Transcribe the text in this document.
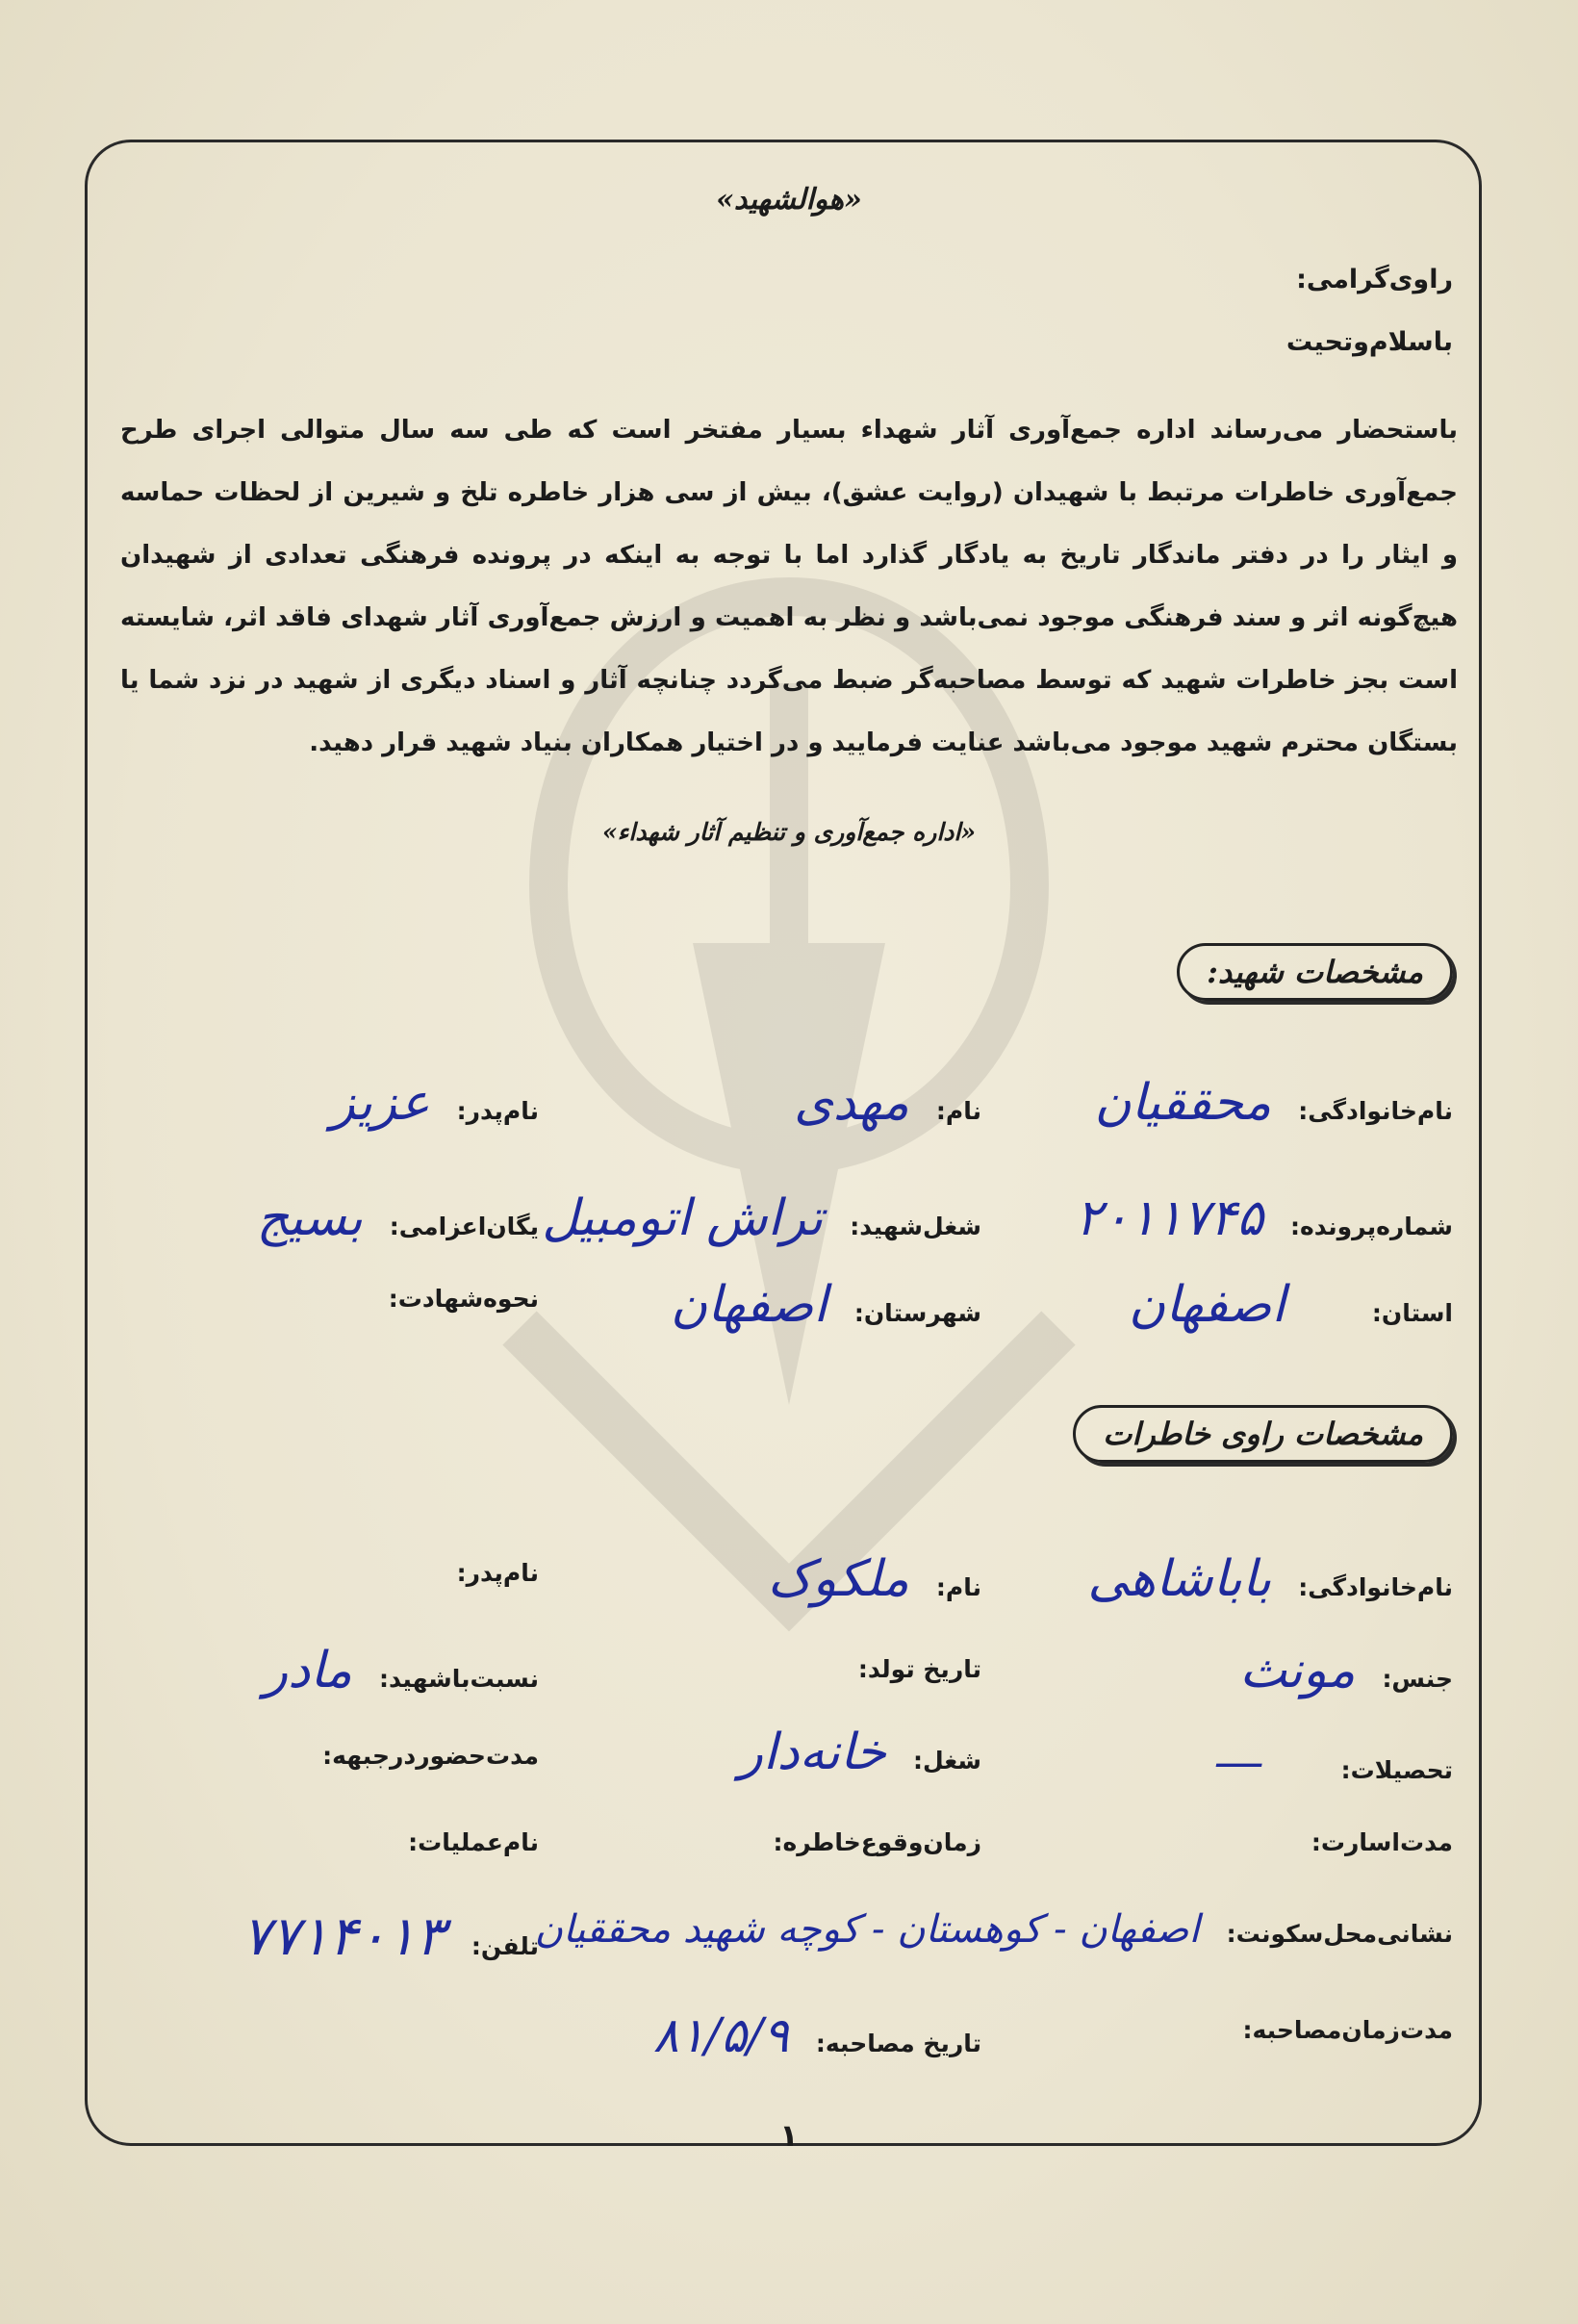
«هوالشهید»
راوی‌گرامی:
باسلام‌وتحیت
باستحضار می‌رساند اداره جمع‌آوری آثار شهداء بسیار مفتخر است که طی سه سال متوالی اجرای طرح جمع‌آوری خاطرات مرتبط با شهیدان (روایت عشق)، بیش از سی هزار خاطره تلخ و شیرین از لحظات حماسه و ایثار را در دفتر ماندگار تاریخ به یادگار گذارد اما با توجه به اینکه در پرونده فرهنگی تعدادی از شهیدان هیچ‌گونه اثر و سند فرهنگی موجود نمی‌باشد و نظر به اهمیت و ارزش جمع‌آوری آثار شهدای فاقد اثر، شایسته است بجز خاطرات شهید که توسط مصاحبه‌گر ضبط می‌گردد چنانچه آثار و اسناد دیگری از شهید در نزد شما یا بستگان محترم شهید موجود می‌باشد عنایت فرمایید و در اختیار همکاران بنیاد شهید قرار دهید.
«اداره جمع‌آوری و تنظیم آثار شهداء»
مشخصات شهید:
نام‌خانوادگی:
محققیان
نام:
مهدی
نام‌پدر:
عزیز
شماره‌پرونده:
۲۰۱۱۷۴۵
شغل‌شهید:
تراش اتومبیل
یگان‌اعزامی:
بسیج
استان:
اصفهان
شهرستان:
اصفهان
نحوه‌شهادت:
مشخصات راوی خاطرات
نام‌خانوادگی:
باباشاهی
نام:
ملکوک
نام‌پدر:
جنس:
مونث
تاریخ تولد:
نسبت‌باشهید:
مادر
تحصیلات:
—
شغل:
خانه‌دار
مدت‌حضوردرجبهه:
مدت‌اسارت:
زمان‌وقوع‌خاطره:
نام‌عملیات:
نشانی‌محل‌سکونت:
اصفهان - کوهستان - کوچه شهید محققیان
تلفن:
۷۷۱۴۰۱۳
مدت‌زمان‌مصاحبه:
تاریخ مصاحبه:
۸۱/۵/۹
۱
